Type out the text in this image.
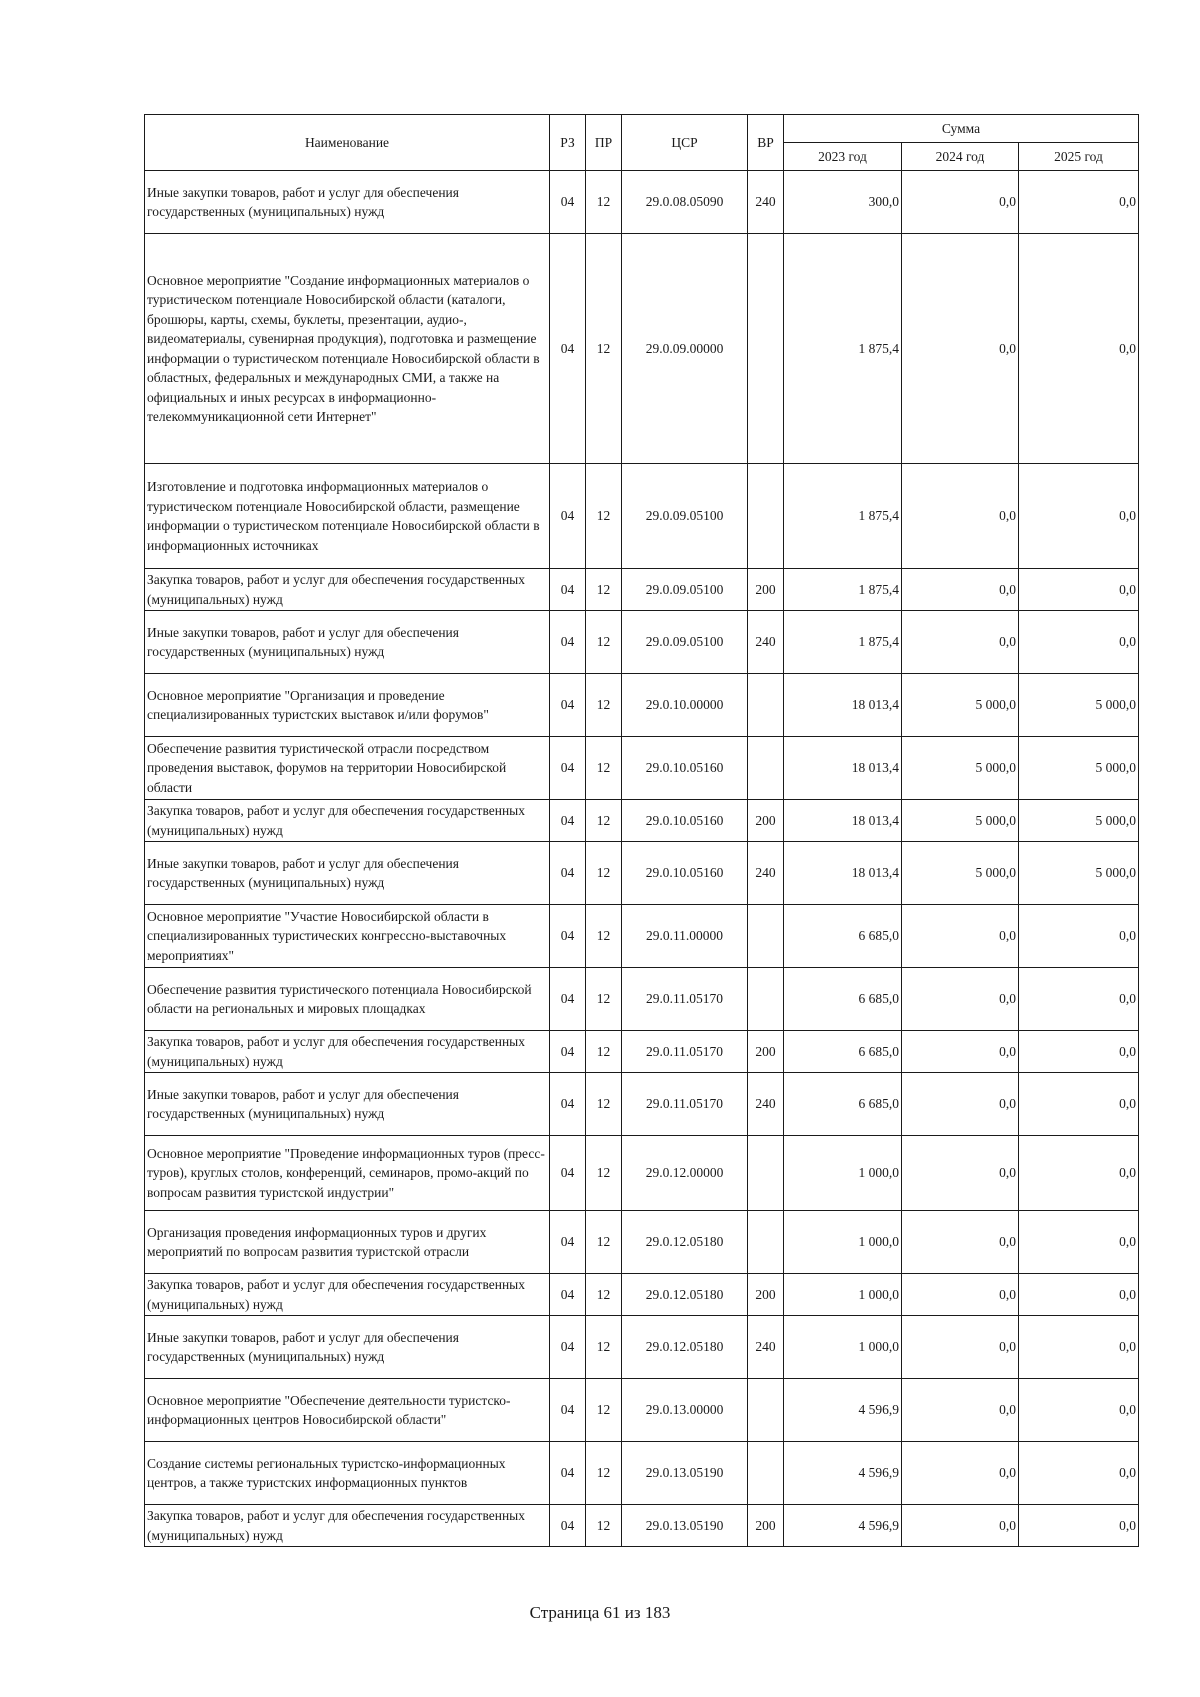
Наименование	РЗ	ПР	ЦСР	ВР	Сумма		
					2023 год	2024 год	2025 год
Иные закупки товаров, работ и услуг для обеспечения государственных (муниципальных) нужд	04	12	29.0.08.05090	240	300,0	0,0	0,0
Основное мероприятие "Создание информационных материалов о туристическом потенциале Новосибирской области (каталоги, брошюры, карты, схемы, буклеты, презентации, аудио-, видеоматериалы, сувенирная продукция), подготовка и размещение информации о туристическом потенциале Новосибирской области в областных, федеральных и международных СМИ, а также на официальных и иных ресурсах в информационно-телекоммуникационной сети Интернет"	04	12	29.0.09.00000		1 875,4	0,0	0,0
Изготовление и подготовка информационных материалов о туристическом потенциале Новосибирской области, размещение информации о туристическом потенциале Новосибирской области в информационных источниках	04	12	29.0.09.05100		1 875,4	0,0	0,0
Закупка товаров, работ и услуг для обеспечения государственных (муниципальных) нужд	04	12	29.0.09.05100	200	1 875,4	0,0	0,0
Иные закупки товаров, работ и услуг для обеспечения государственных (муниципальных) нужд	04	12	29.0.09.05100	240	1 875,4	0,0	0,0
Основное мероприятие "Организация и проведение специализированных туристских выставок и/или форумов"	04	12	29.0.10.00000		18 013,4	5 000,0	5 000,0
Обеспечение развития туристической отрасли посредством проведения выставок, форумов на территории Новосибирской области	04	12	29.0.10.05160		18 013,4	5 000,0	5 000,0
Закупка товаров, работ и услуг для обеспечения государственных (муниципальных) нужд	04	12	29.0.10.05160	200	18 013,4	5 000,0	5 000,0
Иные закупки товаров, работ и услуг для обеспечения государственных (муниципальных) нужд	04	12	29.0.10.05160	240	18 013,4	5 000,0	5 000,0
Основное мероприятие "Участие Новосибирской области в специализированных туристических конгрессно-выставочных мероприятиях"	04	12	29.0.11.00000		6 685,0	0,0	0,0
Обеспечение развития туристического потенциала Новосибирской области на региональных и мировых площадках	04	12	29.0.11.05170		6 685,0	0,0	0,0
Закупка товаров, работ и услуг для обеспечения государственных (муниципальных) нужд	04	12	29.0.11.05170	200	6 685,0	0,0	0,0
Иные закупки товаров, работ и услуг для обеспечения государственных (муниципальных) нужд	04	12	29.0.11.05170	240	6 685,0	0,0	0,0
Основное мероприятие "Проведение информационных туров (пресс-туров), круглых столов, конференций, семинаров, промо-акций по вопросам развития туристской индустрии"	04	12	29.0.12.00000		1 000,0	0,0	0,0
Организация проведения информационных туров и других мероприятий по вопросам развития туристской отрасли	04	12	29.0.12.05180		1 000,0	0,0	0,0
Закупка товаров, работ и услуг для обеспечения государственных (муниципальных) нужд	04	12	29.0.12.05180	200	1 000,0	0,0	0,0
Иные закупки товаров, работ и услуг для обеспечения государственных (муниципальных) нужд	04	12	29.0.12.05180	240	1 000,0	0,0	0,0
Основное мероприятие "Обеспечение деятельности туристско-информационных центров Новосибирской области"	04	12	29.0.13.00000		4 596,9	0,0	0,0
Создание системы региональных туристско-информационных центров, а также туристских информационных пунктов	04	12	29.0.13.05190		4 596,9	0,0	0,0
Закупка товаров, работ и услуг для обеспечения государственных (муниципальных) нужд	04	12	29.0.13.05190	200	4 596,9	0,0	0,0
Страница 61 из 183
